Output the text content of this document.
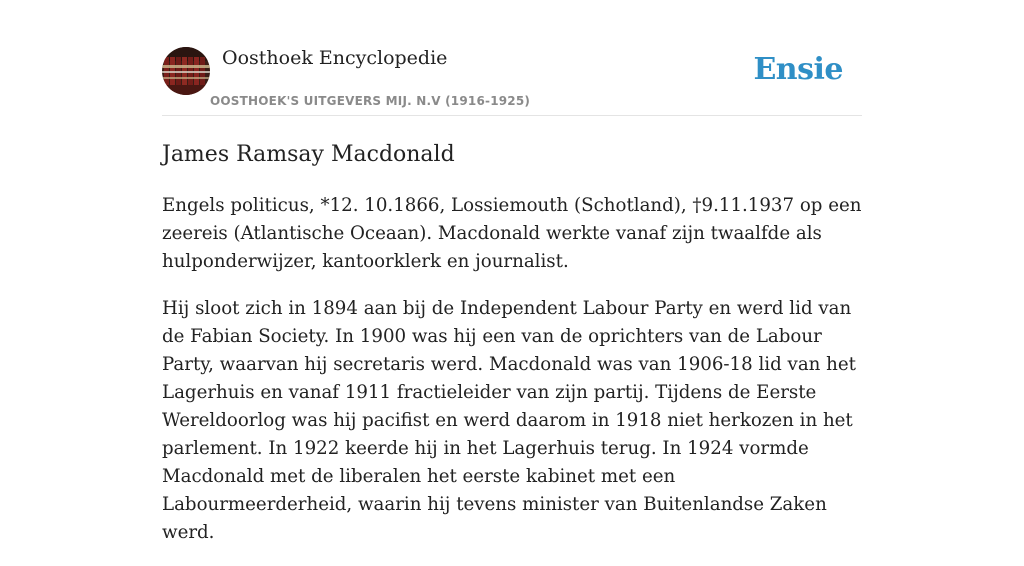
Oosthoek Encyclopedie
OOSTHOEK'S UITGEVERS MIJ. N.V (1916-1925)
Ensie
James Ramsay Macdonald

Engels politicus, *12. 10.1866, Lossiemouth (Schotland), †9.11.1937 op een zeereis (Atlantische Oceaan). Macdonald werkte vanaf zijn twaalfde als hulponderwijzer, kantoorklerk en journalist.

Hij sloot zich in 1894 aan bij de Independent Labour Party en werd lid van de Fabian Society. In 1900 was hij een van de oprichters van de Labour Party, waarvan hij secretaris werd. Macdonald was van 1906-18 lid van het Lagerhuis en vanaf 1911 fractieleider van zijn partij. Tijdens de Eerste Wereldoorlog was hij pacifist en werd daarom in 1918 niet herkozen in het parlement. In 1922 keerde hij in het Lagerhuis terug. In 1924 vormde Macdonald met de liberalen het eerste kabinet met een Labourmeerderheid, waarin hij tevens minister van Buitenlandse Zaken werd.
